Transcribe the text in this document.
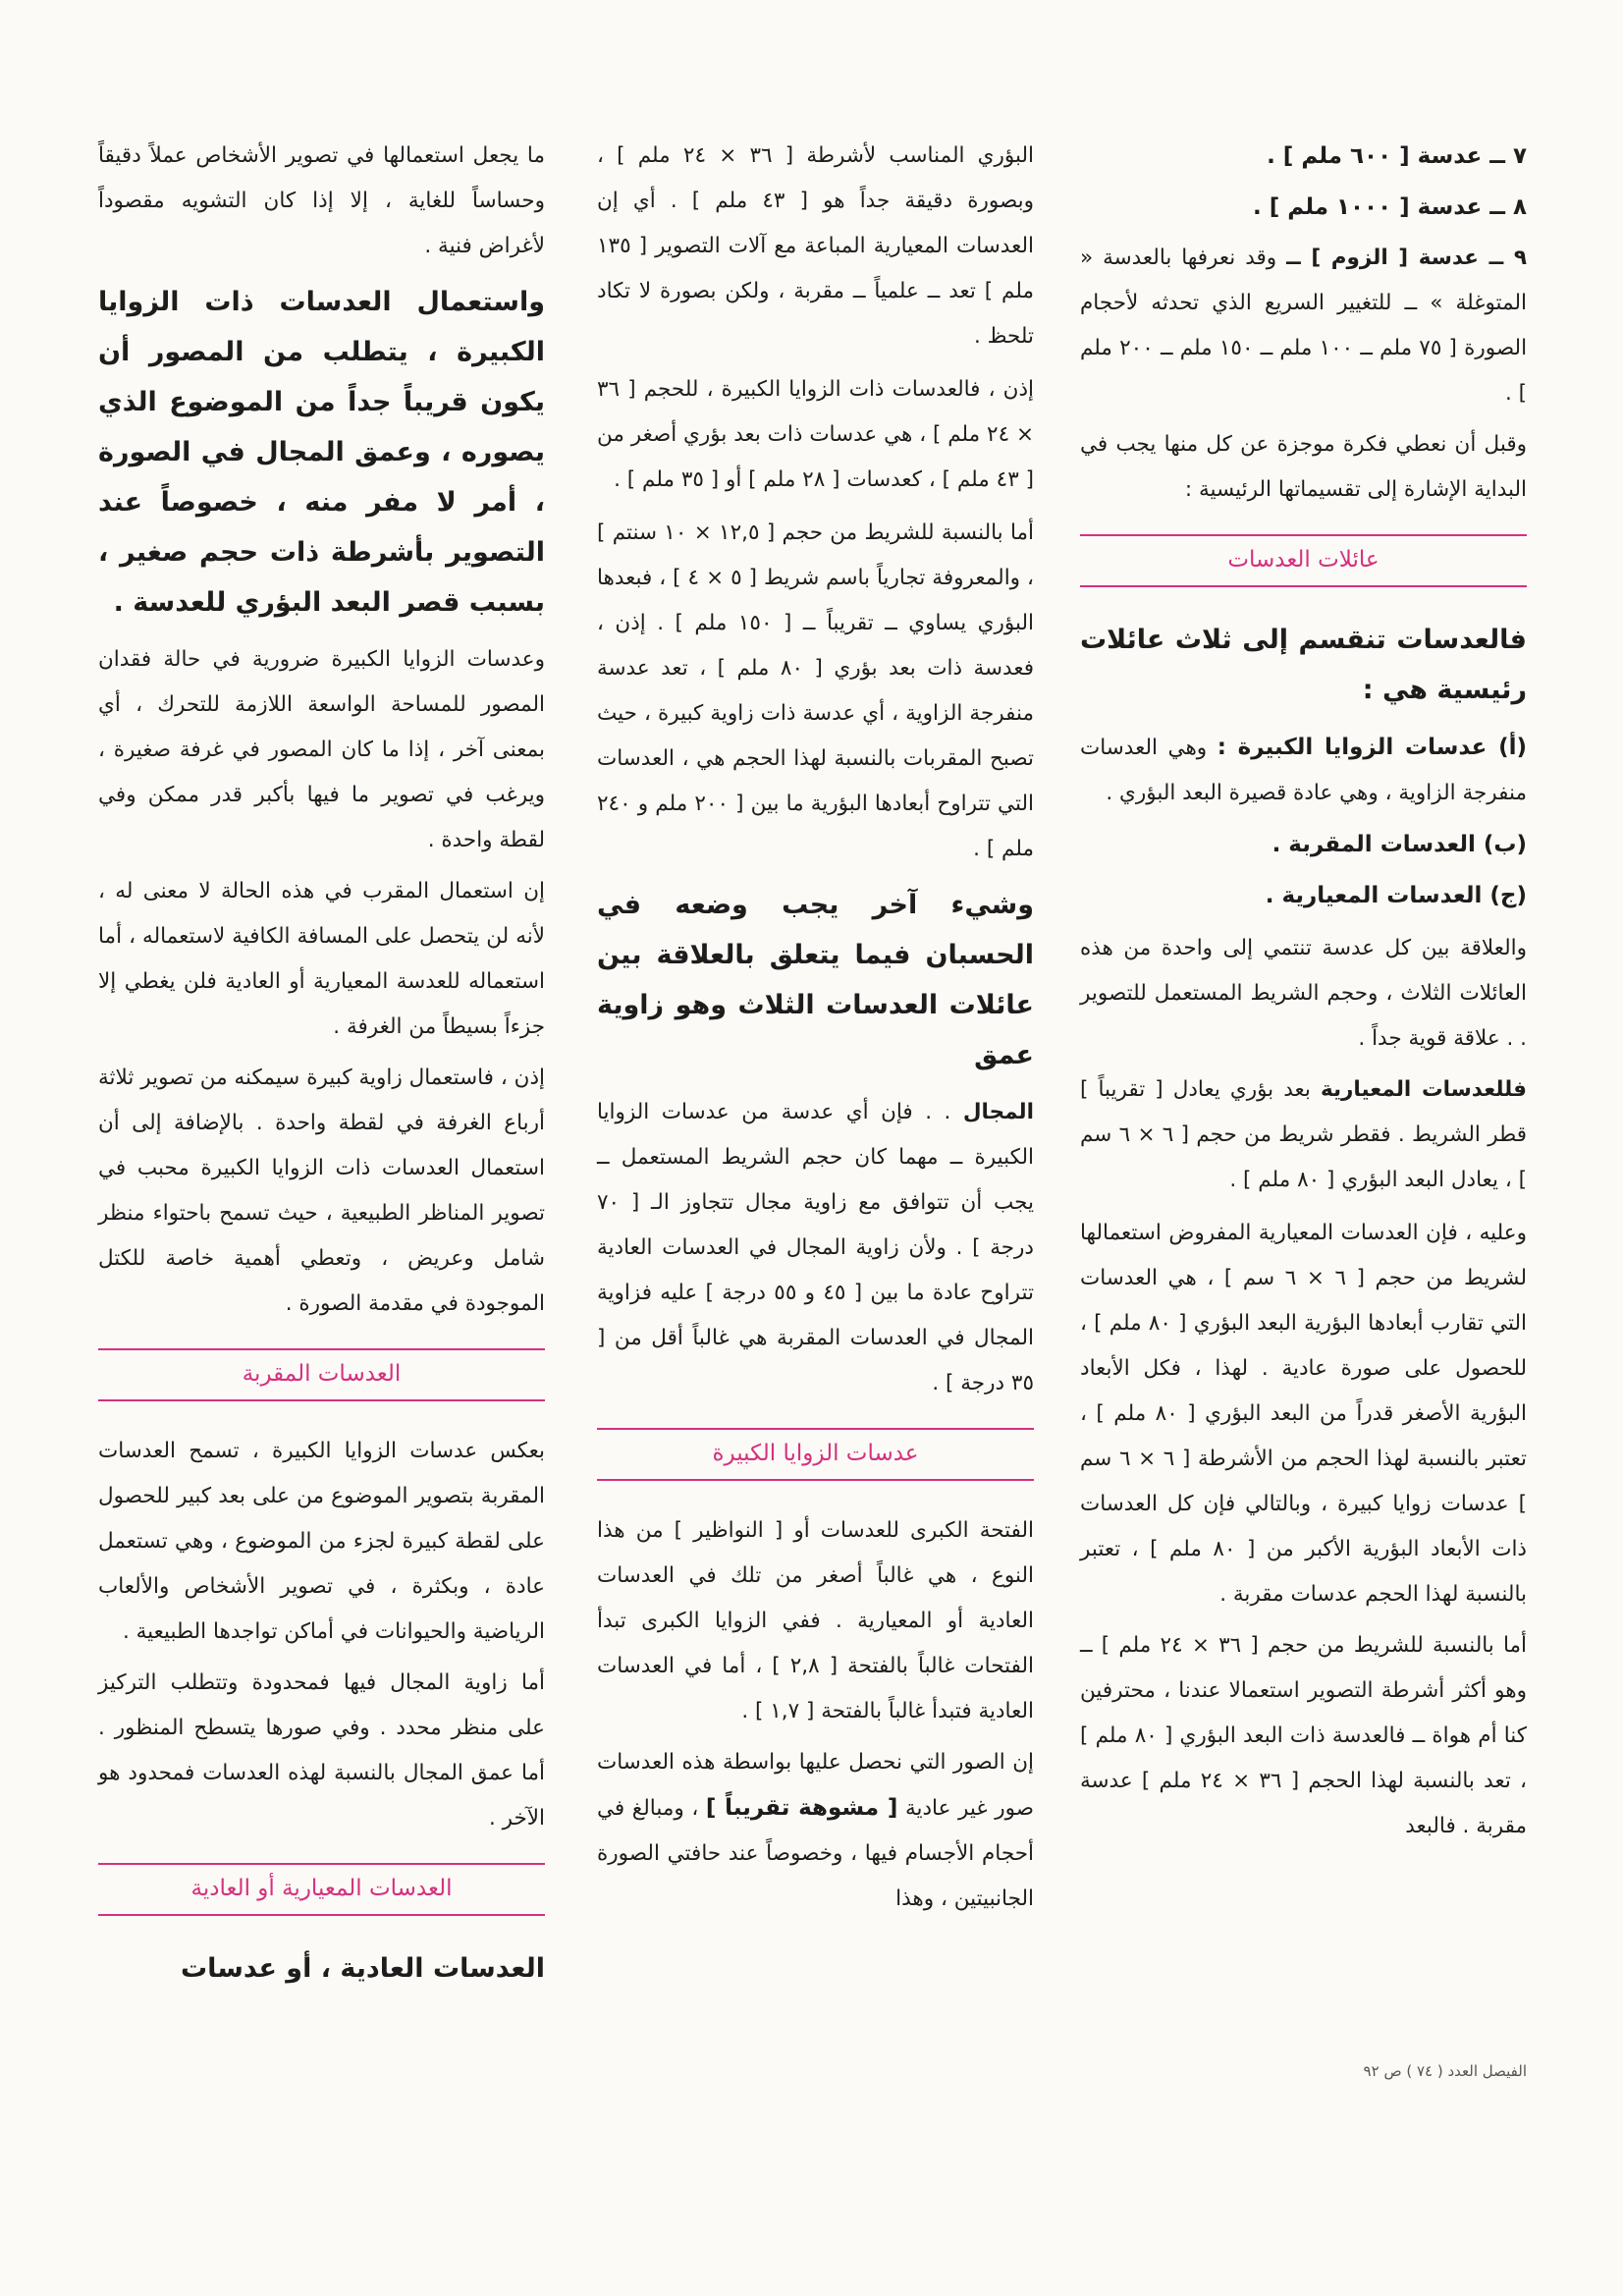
٧ ــ عدسة [ ٦٠٠ ملم ] .

٨ ــ عدسة [ ١٠٠٠ ملم ] .

٩ ــ عدسة [ الزوم ] ــ وقد نعرفها بالعدسة « المتوغلة » ــ للتغيير السريع الذي تحدثه لأحجام الصورة [ ٧٥ ملم ــ ١٠٠ ملم ــ ١٥٠ ملم ــ ٢٠٠ ملم ] .

وقبل أن نعطي فكرة موجزة عن كل منها يجب في البداية الإشارة إلى تقسيماتها الرئيسية :

عائلات العدسات

فالعدسات تنقسم إلى ثلاث عائلات رئيسية هي :

(أ) عدسات الزوايا الكبيرة : وهي العدسات منفرجة الزاوية ، وهي عادة قصيرة البعد البؤري .

(ب) العدسات المقربة .

(ج) العدسات المعيارية .

والعلاقة بين كل عدسة تنتمي إلى واحدة من هذه العائلات الثلاث ، وحجم الشريط المستعمل للتصوير . . علاقة قوية جداً .

فللعدسات المعيارية بعد بؤري يعادل [ تقريباً ] قطر الشريط . فقطر شريط من حجم [ ٦ × ٦ سم ] ، يعادل البعد البؤري [ ٨٠ ملم ] .

وعليه ، فإن العدسات المعيارية المفروض استعمالها لشريط من حجم [ ٦ × ٦ سم ] ، هي العدسات التي تقارب أبعادها البؤرية البعد البؤري [ ٨٠ ملم ] ، للحصول على صورة عادية . لهذا ، فكل الأبعاد البؤرية الأصغر قدراً من البعد البؤري [ ٨٠ ملم ] ، تعتبر بالنسبة لهذا الحجم من الأشرطة [ ٦ × ٦ سم ] عدسات زوايا كبيرة ، وبالتالي فإن كل العدسات ذات الأبعاد البؤرية الأكبر من [ ٨٠ ملم ] ، تعتبر بالنسبة لهذا الحجم عدسات مقربة .

أما بالنسبة للشريط من حجم [ ٣٦ × ٢٤ ملم ] ــ وهو أكثر أشرطة التصوير استعمالا عندنا ، محترفين كنا أم هواة ــ فالعدسة ذات البعد البؤري [ ٨٠ ملم ] ، تعد بالنسبة لهذا الحجم [ ٣٦ × ٢٤ ملم ] عدسة مقربة . فالبعد

البؤري المناسب لأشرطة [ ٣٦ × ٢٤ ملم ] ، وبصورة دقيقة جداً هو [ ٤٣ ملم ] . أي إن العدسات المعيارية المباعة مع آلات التصوير [ ١٣٥ ملم ] تعد ــ علمياً ــ مقربة ، ولكن بصورة لا تكاد تلحظ .

إذن ، فالعدسات ذات الزوايا الكبيرة ، للحجم [ ٣٦ × ٢٤ ملم ] ، هي عدسات ذات بعد بؤري أصغر من [ ٤٣ ملم ] ، كعدسات [ ٢٨ ملم ] أو [ ٣٥ ملم ] .

أما بالنسبة للشريط من حجم [ ١٢,٥ × ١٠ سنتم ] ، والمعروفة تجارياً باسم شريط [ ٥ × ٤ ] ، فبعدها البؤري يساوي ــ تقريباً ــ [ ١٥٠ ملم ] . إذن ، فعدسة ذات بعد بؤري [ ٨٠ ملم ] ، تعد عدسة منفرجة الزاوية ، أي عدسة ذات زاوية كبيرة ، حيث تصبح المقربات بالنسبة لهذا الحجم هي ، العدسات التي تتراوح أبعادها البؤرية ما بين [ ٢٠٠ ملم و ٢٤٠ ملم ] .

وشيء آخر يجب وضعه في الحسبان فيما يتعلق بالعلاقة بين عائلات العدسات الثلاث وهو زاوية عمق

المجال . . فإن أي عدسة من عدسات الزوايا الكبيرة ــ مهما كان حجم الشريط المستعمل ــ يجب أن تتوافق مع زاوية مجال تتجاوز الـ [ ٧٠ درجة ] . ولأن زاوية المجال في العدسات العادية تتراوح عادة ما بين [ ٤٥ و ٥٥ درجة ] عليه فزاوية المجال في العدسات المقربة هي غالباً أقل من [ ٣٥ درجة ] .

عدسات الزوايا الكبيرة

الفتحة الكبرى للعدسات أو [ النواظير ] من هذا النوع ، هي غالباً أصغر من تلك في العدسات العادية أو المعيارية . ففي الزوايا الكبرى تبدأ الفتحات غالباً بالفتحة [ ٢,٨ ] ، أما في العدسات العادية فتبدأ غالباً بالفتحة [ ١,٧ ] .

إن الصور التي نحصل عليها بواسطة هذه العدسات صور غير عادية [ مشوهة تقريباً ] ، ومبالغ في أحجام الأجسام فيها ، وخصوصاً عند حافتي الصورة الجانبيتين ، وهذا

ما يجعل استعمالها في تصوير الأشخاص عملاً دقيقاً وحساساً للغاية ، إلا إذا كان التشويه مقصوداً لأغراض فنية .

واستعمال العدسات ذات الزوايا الكبيرة ، يتطلب من المصور أن يكون قريباً جداً من الموضوع الذي يصوره ، وعمق المجال في الصورة ، أمر لا مفر منه ، خصوصاً عند التصوير بأشرطة ذات حجم صغير ، بسبب قصر البعد البؤري للعدسة .

وعدسات الزوايا الكبيرة ضرورية في حالة فقدان المصور للمساحة الواسعة اللازمة للتحرك ، أي بمعنى آخر ، إذا ما كان المصور في غرفة صغيرة ، ويرغب في تصوير ما فيها بأكبر قدر ممكن وفي لقطة واحدة .

إن استعمال المقرب في هذه الحالة لا معنى له ، لأنه لن يتحصل على المسافة الكافية لاستعماله ، أما استعماله للعدسة المعيارية أو العادية فلن يغطي إلا جزءاً بسيطاً من الغرفة .

إذن ، فاستعمال زاوية كبيرة سيمكنه من تصوير ثلاثة أرباع الغرفة في لقطة واحدة . بالإضافة إلى أن استعمال العدسات ذات الزوايا الكبيرة محبب في تصوير المناظر الطبيعية ، حيث تسمح باحتواء منظر شامل وعريض ، وتعطي أهمية خاصة للكتل الموجودة في مقدمة الصورة .

العدسات المقربة

بعكس عدسات الزوايا الكبيرة ، تسمح العدسات المقربة بتصوير الموضوع من على بعد كبير للحصول على لقطة كبيرة لجزء من الموضوع ، وهي تستعمل عادة ، وبكثرة ، في تصوير الأشخاص والألعاب الرياضية والحيوانات في أماكن تواجدها الطبيعية .

أما زاوية المجال فيها فمحدودة وتتطلب التركيز على منظر محدد . وفي صورها يتسطح المنظور . أما عمق المجال بالنسبة لهذه العدسات فمحدود هو الآخر .

العدسات المعيارية أو العادية

العدسات العادية ، أو عدسات

الفيصل العدد ( ٧٤ ) ص ٩٢
